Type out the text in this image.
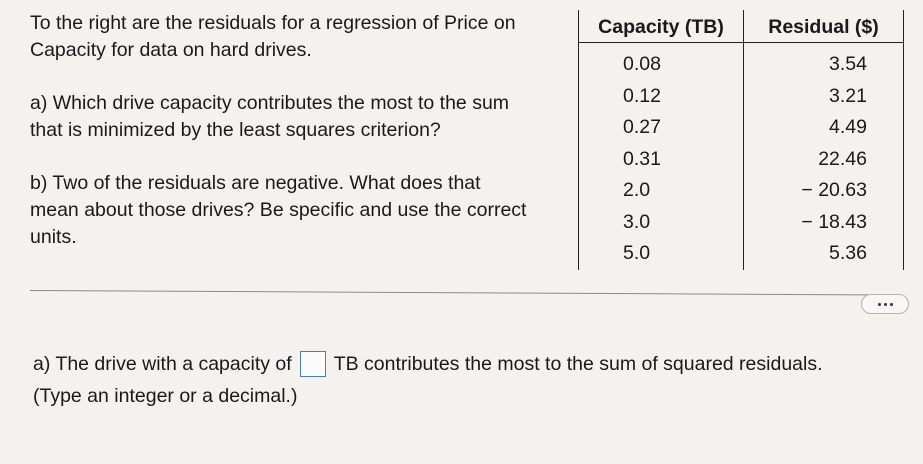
To the right are the residuals for a regression of Price on
Capacity for data on hard drives.

a) Which drive capacity contributes the most to the sum
that is minimized by the least squares criterion?

b) Two of the residuals are negative. What does that
mean about those drives? Be specific and use the correct
units.

Capacity (TB)	Residual ($)
0.08	3.54
0.12	3.21
0.27	4.49
0.31	22.46
2.0	− 20.63
3.0	− 18.43
5.0	5.36
a) The drive with a capacity of TB contributes the most to the sum of squared residuals.
(Type an integer or a decimal.)
